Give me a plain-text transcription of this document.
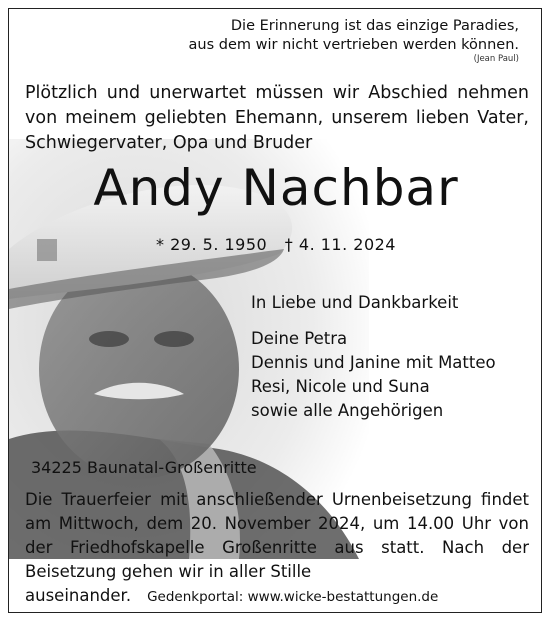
Die Erinnerung ist das einzige Paradies,
aus dem wir nicht vertrieben werden können.
(Jean Paul)
Plötzlich und unerwartet müssen wir Abschied nehmen von meinem geliebten Ehemann, unserem lieben Vater, Schwiegervater, Opa und Bruder
Andy Nachbar
* 29. 5. 1950 † 4. 11. 2024
In Liebe und Dankbarkeit
Deine Petra
Dennis und Janine mit Matteo
Resi, Nicole und Suna
sowie alle Angehörigen
34225 Baunatal-Großenritte
Die Trauerfeier mit anschließender Urnenbeisetzung findet am Mittwoch, dem 20. November 2024, um 14.00 Uhr von der Friedhofskapelle Großenritte aus statt. Nach der Beisetzung gehen wir in aller Stille
auseinander. Gedenkportal: www.wicke-bestattungen.de
